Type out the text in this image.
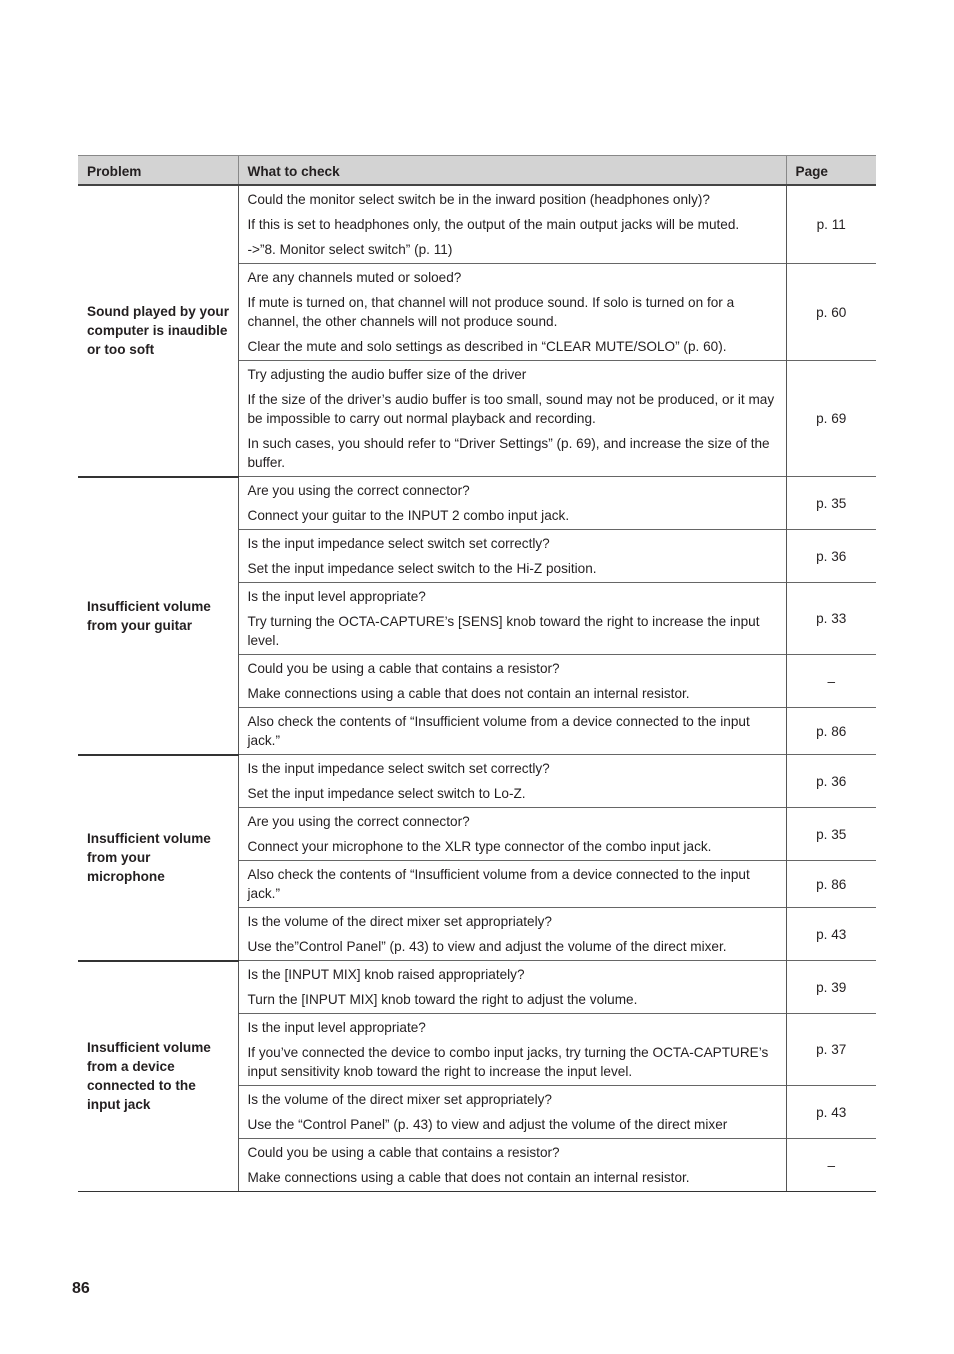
Problem	What to check	Page
Sound played by your computer is inaudible or too soft	Could the monitor select switch be in the inward position (headphones only)?

If this is set to headphones only, the output of the main output jacks will be muted.

->”8. Monitor select switch” (p. 11)	p. 11

	Are any channels muted or soloed?

If mute is turned on, that channel will not produce sound. If solo is turned on for a channel, the other channels will not produce sound.

Clear the mute and solo settings as described in “CLEAR MUTE/SOLO” (p. 60).	p. 60

	Try adjusting the audio buffer size of the driver

If the size of the driver’s audio buffer is too small, sound may not be produced, or it may be impossible to carry out normal playback and recording.

In such cases, you should refer to “Driver Settings” (p. 69), and increase the size of the buffer.	p. 69
Insufficient volume from your guitar	Are you using the correct connector?

Connect your guitar to the INPUT 2 combo input jack.	p. 35

	Is the input impedance select switch set correctly?

Set the input impedance select switch to the Hi-Z position.	p. 36

	Is the input level appropriate?

Try turning the OCTA-CAPTURE’s [SENS] knob toward the right to increase the input level.	p. 33

	Could you be using a cable that contains a resistor?

Make connections using a cable that does not contain an internal resistor.	–

	Also check the contents of “Insufficient volume from a device connected to the input jack.”	p. 86
Insufficient volume from your microphone	Is the input impedance select switch set correctly?

Set the input impedance select switch to Lo-Z.	p. 36

	Are you using the correct connector?

Connect your microphone to the XLR type connector of the combo input jack.	p. 35

	Also check the contents of “Insufficient volume from a device connected to the input jack.”	p. 86

	Is the volume of the direct mixer set appropriately?

Use the”Control Panel” (p. 43) to view and adjust the volume of the direct mixer.	p. 43
Insufficient volume from a device connected to the input jack	Is the [INPUT MIX] knob raised appropriately?

Turn the [INPUT MIX] knob toward the right to adjust the volume.	p. 39

	Is the input level appropriate?

If you’ve connected the device to combo input jacks, try turning the OCTA-CAPTURE’s input sensitivity knob toward the right to increase the input level.	p. 37

	Is the volume of the direct mixer set appropriately?

Use the “Control Panel” (p. 43) to view and adjust the volume of the direct mixer	p. 43

	Could you be using a cable that contains a resistor?

Make connections using a cable that does not contain an internal resistor.	–
86
